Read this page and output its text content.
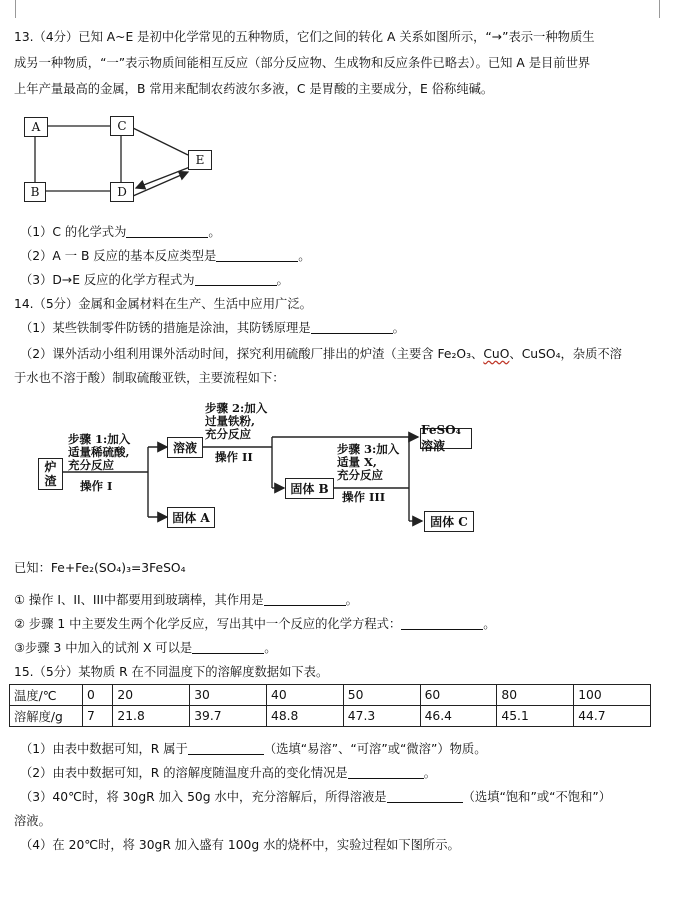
13.（4分）已知 A~E 是初中化学常见的五种物质，它们之间的转化 A 关系如图所示，“→”表示一种物质生
成另一种物质，“一”表示物质间能相互反应（部分反应物、生成物和反应条件已略去）。已知 A 是目前世界
上年产量最高的金属，B 常用来配制农药波尔多液，C 是胃酸的主要成分，E 俗称纯碱。
A	C
E
B	D
（1）C 的化学式为	。
（2）A 一 B 反应的基本反应类型是	。
（3）D→E 反应的化学方程式为	。
14.（5分）金属和金属材料在生产、生活中应用广泛。
（1）某些铁制零件防锈的措施是涂油，其防锈原理是	。
（2）课外活动小组利用课外活动时间，探究利用硫酸厂排出的炉渣（主要含 Fe₂O₃、CuO、CuSO₄，杂质不溶
于水也不溶于酸）制取硫酸亚铁，主要流程如下：
炉渣
步骤 1:加入
适量稀硫酸,
充分反应
操作 I
溶液
固体 A
步骤 2:加入
过量铁粉,
充分反应
操作 II
FeSO₄溶液
固体 B
步骤 3:加入
适量 X,
充分反应
操作 III
固体 C
已知：Fe+Fe₂(SO₄)₃=3FeSO₄
① 操作 I、II、III中都要用到玻璃棒，其作用是	。
② 步骤 1 中主要发生两个化学反应，写出其中一个反应的化学方程式：	。
③步骤 3 中加入的试剂 X 可以是	。
15.（5分）某物质 R 在不同温度下的溶解度数据如下表。
温度/℃	0	20	30	40	50	60	80	100
溶解度/g	7	21.8	39.7	48.8	47.3	46.4	45.1	44.7
（1）由表中数据可知，R 属于	（选填“易溶”、“可溶”或“微溶”）物质。
（2）由表中数据可知，R 的溶解度随温度升高的变化情况是	。
（3）40℃时，将 30gR 加入 50g 水中，充分溶解后，所得溶液是	（选填“饱和”或“不饱和”）
溶液。
（4）在 20℃时，将 30gR 加入盛有 100g 水的烧杯中，实验过程如下图所示。
